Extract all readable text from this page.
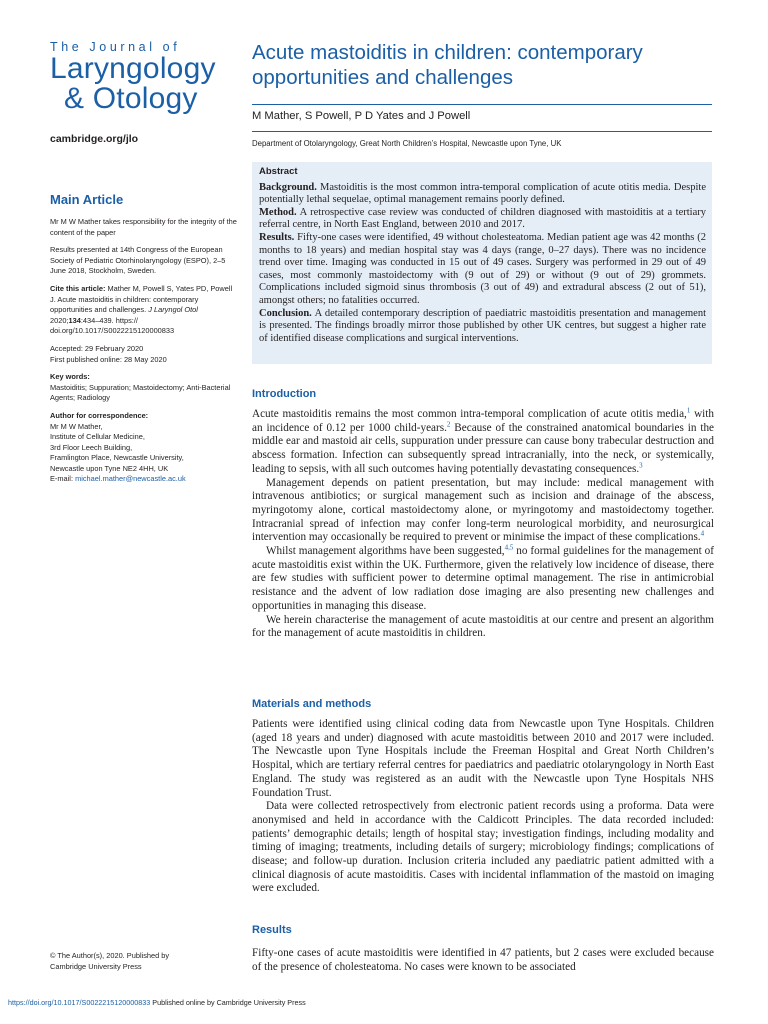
The Journal of
Laryngology
& Otology
cambridge.org/jlo
Main Article

Mr M W Mather takes responsibility for the integrity of the content of the paper

Results presented at 14th Congress of the European Society of Pediatric Otorhinolaryngology (ESPO), 2–5 June 2018, Stockholm, Sweden.

Cite this article: Mather M, Powell S, Yates PD, Powell J. Acute mastoiditis in children: contemporary opportunities and challenges. J Laryngol Otol 2020;134:434–439. https:// doi.org/10.1017/S0022215120000833

Accepted: 29 February 2020
First published online: 28 May 2020

Key words:
Mastoiditis; Suppuration; Mastoidectomy; Anti-Bacterial Agents; Radiology

Author for correspondence:
Mr M W Mather,
Institute of Cellular Medicine,
3rd Floor Leech Building,
Framlington Place, Newcastle University,
Newcastle upon Tyne NE2 4HH, UK
E-mail: michael.mather@newcastle.ac.uk

© The Author(s), 2020. Published by
Cambridge University Press
Acute mastoiditis in children: contemporary opportunities and challenges
M Mather, S Powell, P D Yates and J Powell
Department of Otolaryngology, Great North Children’s Hospital, Newcastle upon Tyne, UK
Abstract

Background. Mastoiditis is the most common intra-temporal complication of acute otitis media. Despite potentially lethal sequelae, optimal management remains poorly defined.

Method. A retrospective case review was conducted of children diagnosed with mastoiditis at a tertiary referral centre, in North East England, between 2010 and 2017.

Results. Fifty-one cases were identified, 49 without cholesteatoma. Median patient age was 42 months (2 months to 18 years) and median hospital stay was 4 days (range, 0–27 days). There was no incidence trend over time. Imaging was conducted in 15 out of 49 cases. Surgery was performed in 29 out of 49 cases, most commonly mastoidectomy with (9 out of 29) or without (9 out of 29) grommets. Complications included sigmoid sinus thrombosis (3 out of 49) and extradural abscess (2 out of 51), amongst others; no fatalities occurred.

Conclusion. A detailed contemporary description of paediatric mastoiditis presentation and management is presented. The findings broadly mirror those published by other UK centres, but suggest a higher rate of identified disease complications and surgical interventions.

Introduction

Acute mastoiditis remains the most common intra-temporal complication of acute otitis media,$^1$ with an incidence of 0.12 per 1000 child-years.$^2$ Because of the constrained anatomical boundaries in the middle ear and mastoid air cells, suppuration under pressure can cause bony trabecular destruction and abscess formation. Infection can subsequently spread intracranially, into the neck, or systemically, leading to sepsis, with all such outcomes having potentially devastating consequences.$^3$

Management depends on patient presentation, but may include: medical management with intravenous antibiotics; or surgical management such as incision and drainage of the abscess, myringotomy alone, cortical mastoidectomy alone, or myringotomy and mastoidectomy together. Intracranial spread of infection may confer long-term neurological morbidity, and neurosurgical intervention may occasionally be required to prevent or minimise the impact of these complications.$^4$

Whilst management algorithms have been suggested,$^{4,5}$ no formal guidelines for the management of acute mastoiditis exist within the UK. Furthermore, given the relatively low incidence of disease, there are few studies with sufficient power to determine optimal management. The rise in antimicrobial resistance and the advent of low radiation dose imaging are also presenting new challenges and opportunities in managing this disease.

We herein characterise the management of acute mastoiditis at our centre and present an algorithm for the management of acute mastoiditis in children.

Materials and methods

Patients were identified using clinical coding data from Newcastle upon Tyne Hospitals. Children (aged 18 years and under) diagnosed with acute mastoiditis between 2010 and 2017 were included. The Newcastle upon Tyne Hospitals include the Freeman Hospital and Great North Children’s Hospital, which are tertiary referral centres for paediatrics and paediatric otolaryngology in North East England. The study was registered as an audit with the Newcastle upon Tyne Hospitals NHS Foundation Trust.

Data were collected retrospectively from electronic patient records using a proforma. Data were anonymised and held in accordance with the Caldicott Principles. The data recorded included: patients’ demographic details; length of hospital stay; investigation findings, including modality and timing of imaging; treatments, including details of surgery; microbiology findings; complications of disease; and follow-up duration. Inclusion criteria included any paediatric patient admitted with a clinical diagnosis of acute mastoiditis. Cases with incidental inflammation of the mastoid on imaging were excluded.

Results

Fifty-one cases of acute mastoiditis were identified in 47 patients, but 2 cases were excluded because of the presence of cholesteatoma. No cases were known to be associated

https://doi.org/10.1017/S0022215120000833 Published online by Cambridge University Press
